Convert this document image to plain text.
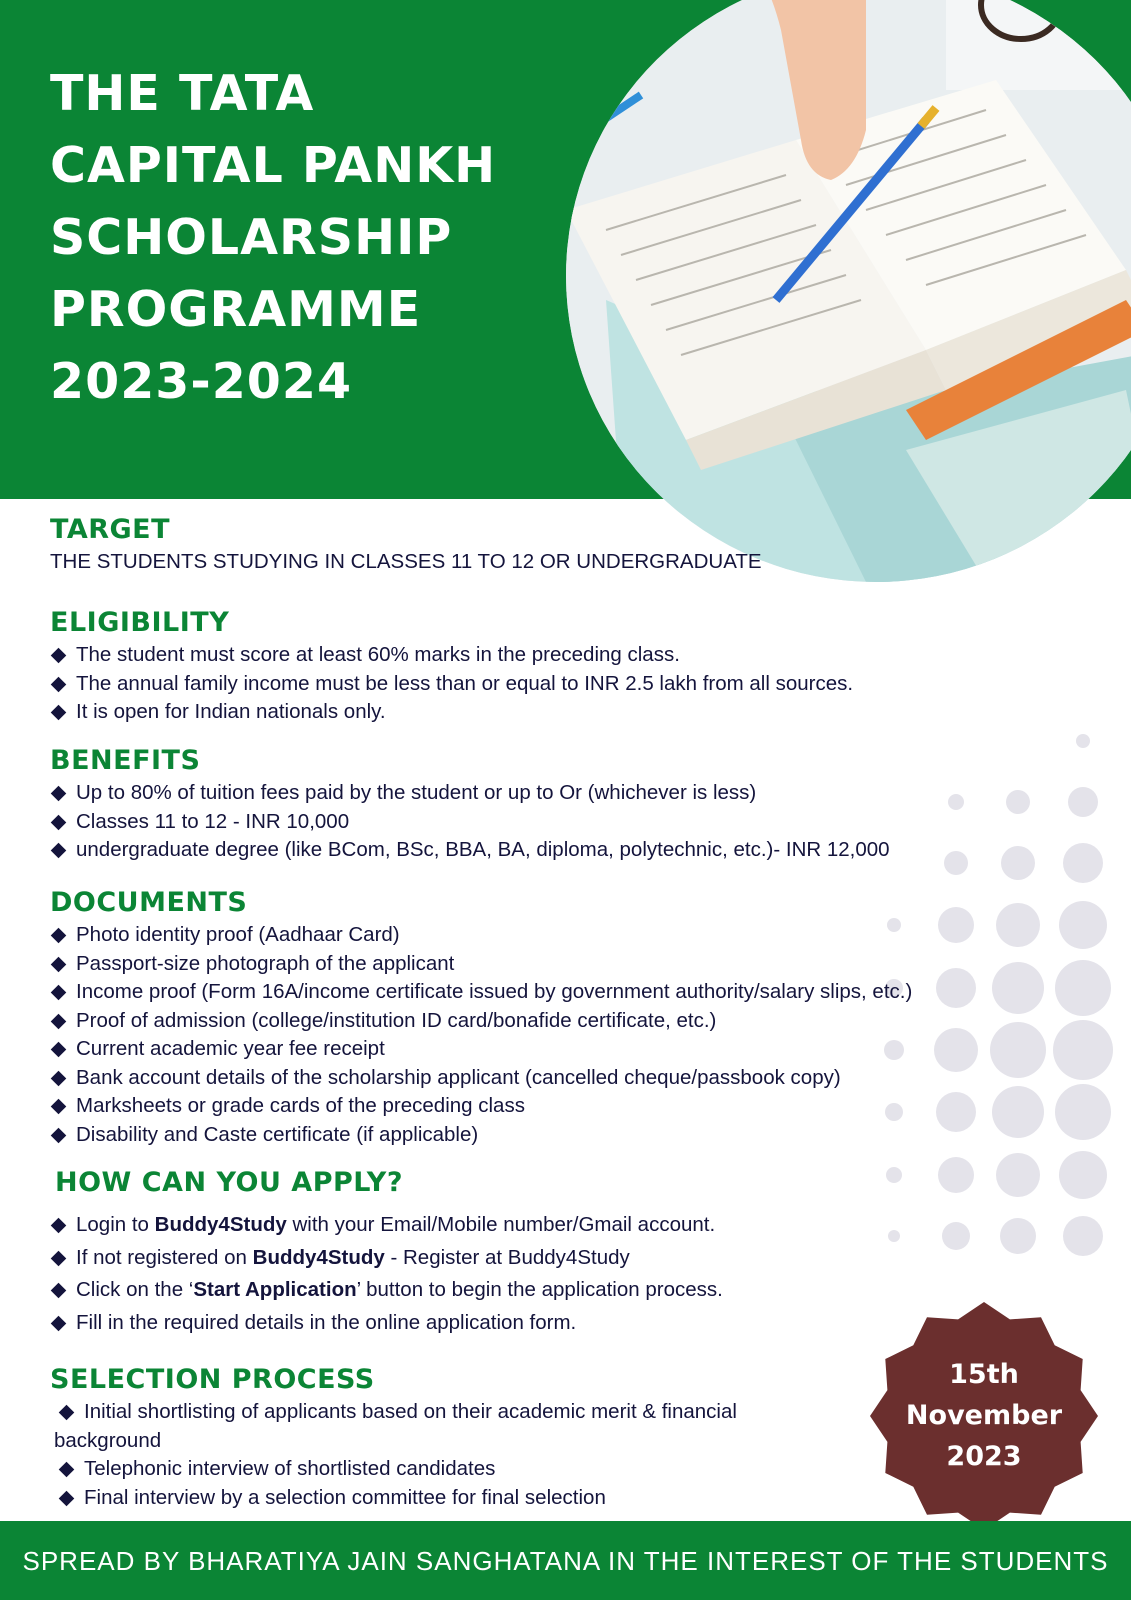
THE TATA
CAPITAL PANKH
SCHOLARSHIP
PROGRAMME
2023-2024
TARGET

THE STUDENTS STUDYING IN CLASSES 11 TO 12 OR UNDERGRADUATE

ELIGIBILITY
The student must score at least 60% marks in the preceding class.
The annual family income must be less than or equal to INR 2.5 lakh from all sources.
It is open for Indian nationals only.
BENEFITS
Up to 80% of tuition fees paid by the student or up to Or (whichever is less)
Classes 11 to 12 - INR 10,000
undergraduate degree (like BCom, BSc, BBA, BA, diploma, polytechnic, etc.)- INR 12,000
DOCUMENTS
Photo identity proof (Aadhaar Card)
Passport-size photograph of the applicant
Income proof (Form 16A/income certificate issued by government authority/salary slips, etc.)
Proof of admission (college/institution ID card/bonafide certificate, etc.)
Current academic year fee receipt
Bank account details of the scholarship applicant (cancelled cheque/passbook copy)
Marksheets or grade cards of the preceding class
Disability and Caste certificate (if applicable)
HOW CAN YOU APPLY?
Login to Buddy4Study with your Email/Mobile number/Gmail account.
If not registered on Buddy4Study - Register at Buddy4Study
Click on the ‘Start Application’ button to begin the application process.
Fill in the required details in the online application form.
SELECTION PROCESS
Initial shortlisting of applicants based on their academic merit & financial
background
Telephonic interview of shortlisted candidates
Final interview by a selection committee for final selection
15th
November
2023
SPREAD BY BHARATIYA JAIN SANGHATANA IN THE INTEREST OF THE STUDENTS
